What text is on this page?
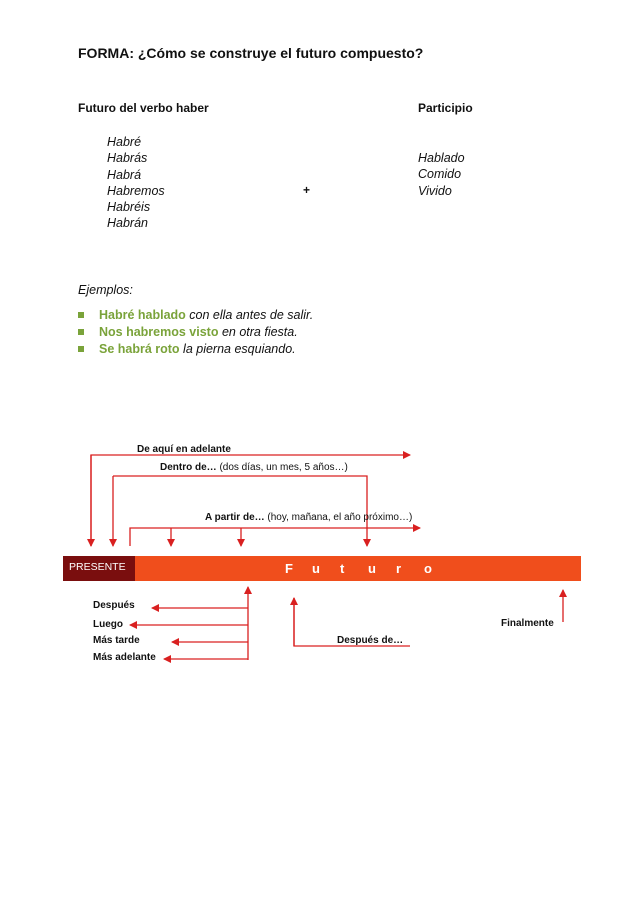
FORMA: ¿Cómo se construye el futuro compuesto?
Futuro del verbo haber	Participio
Habré
Habrás
Habrá
Habremos
Habréis
Habrán
+
Hablado
Comido
Vivido
Ejemplos:
Habré hablado con ella antes de salir.
Nos habremos visto en otra fiesta.
Se habrá roto la pierna esquiando.
PRESENTE	F u t u r o
De aquí en adelante
Dentro de… (dos días, un mes, 5 años…)
A partir de… (hoy, mañana, el año próximo…)
Después
Luego
Más tarde
Más adelante
Después de…
Finalmente
